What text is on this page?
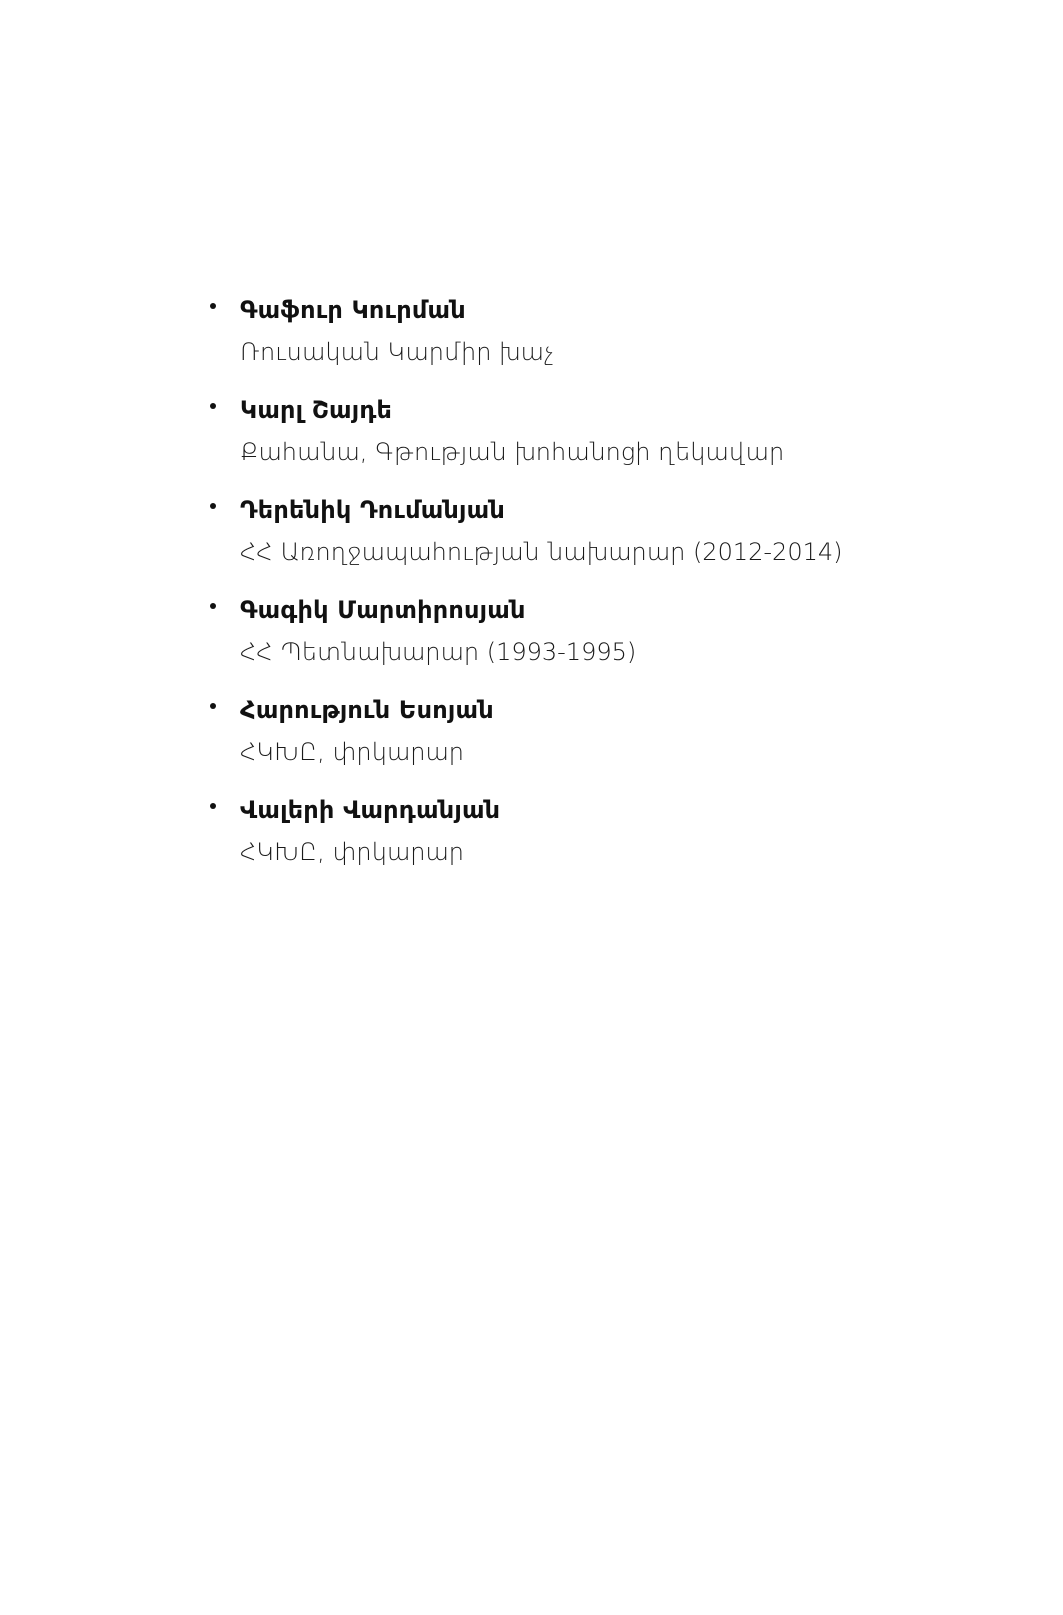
Գաֆուր Կուրման
Ռուսական Կարմիր խաչ
Կարլ Շայդե
Քահանա, Գթության խոհանոցի ղեկավար
Դերենիկ Դումանյան
ՀՀ Առողջապահության նախարար (2012-2014)
Գագիկ Մարտիրոսյան
ՀՀ Պետնախարար (1993-1995)
Հարություն Եսոյան
ՀԿԽԸ, փրկարար
Վալերի Վարդանյան
ՀԿԽԸ, փրկարար
